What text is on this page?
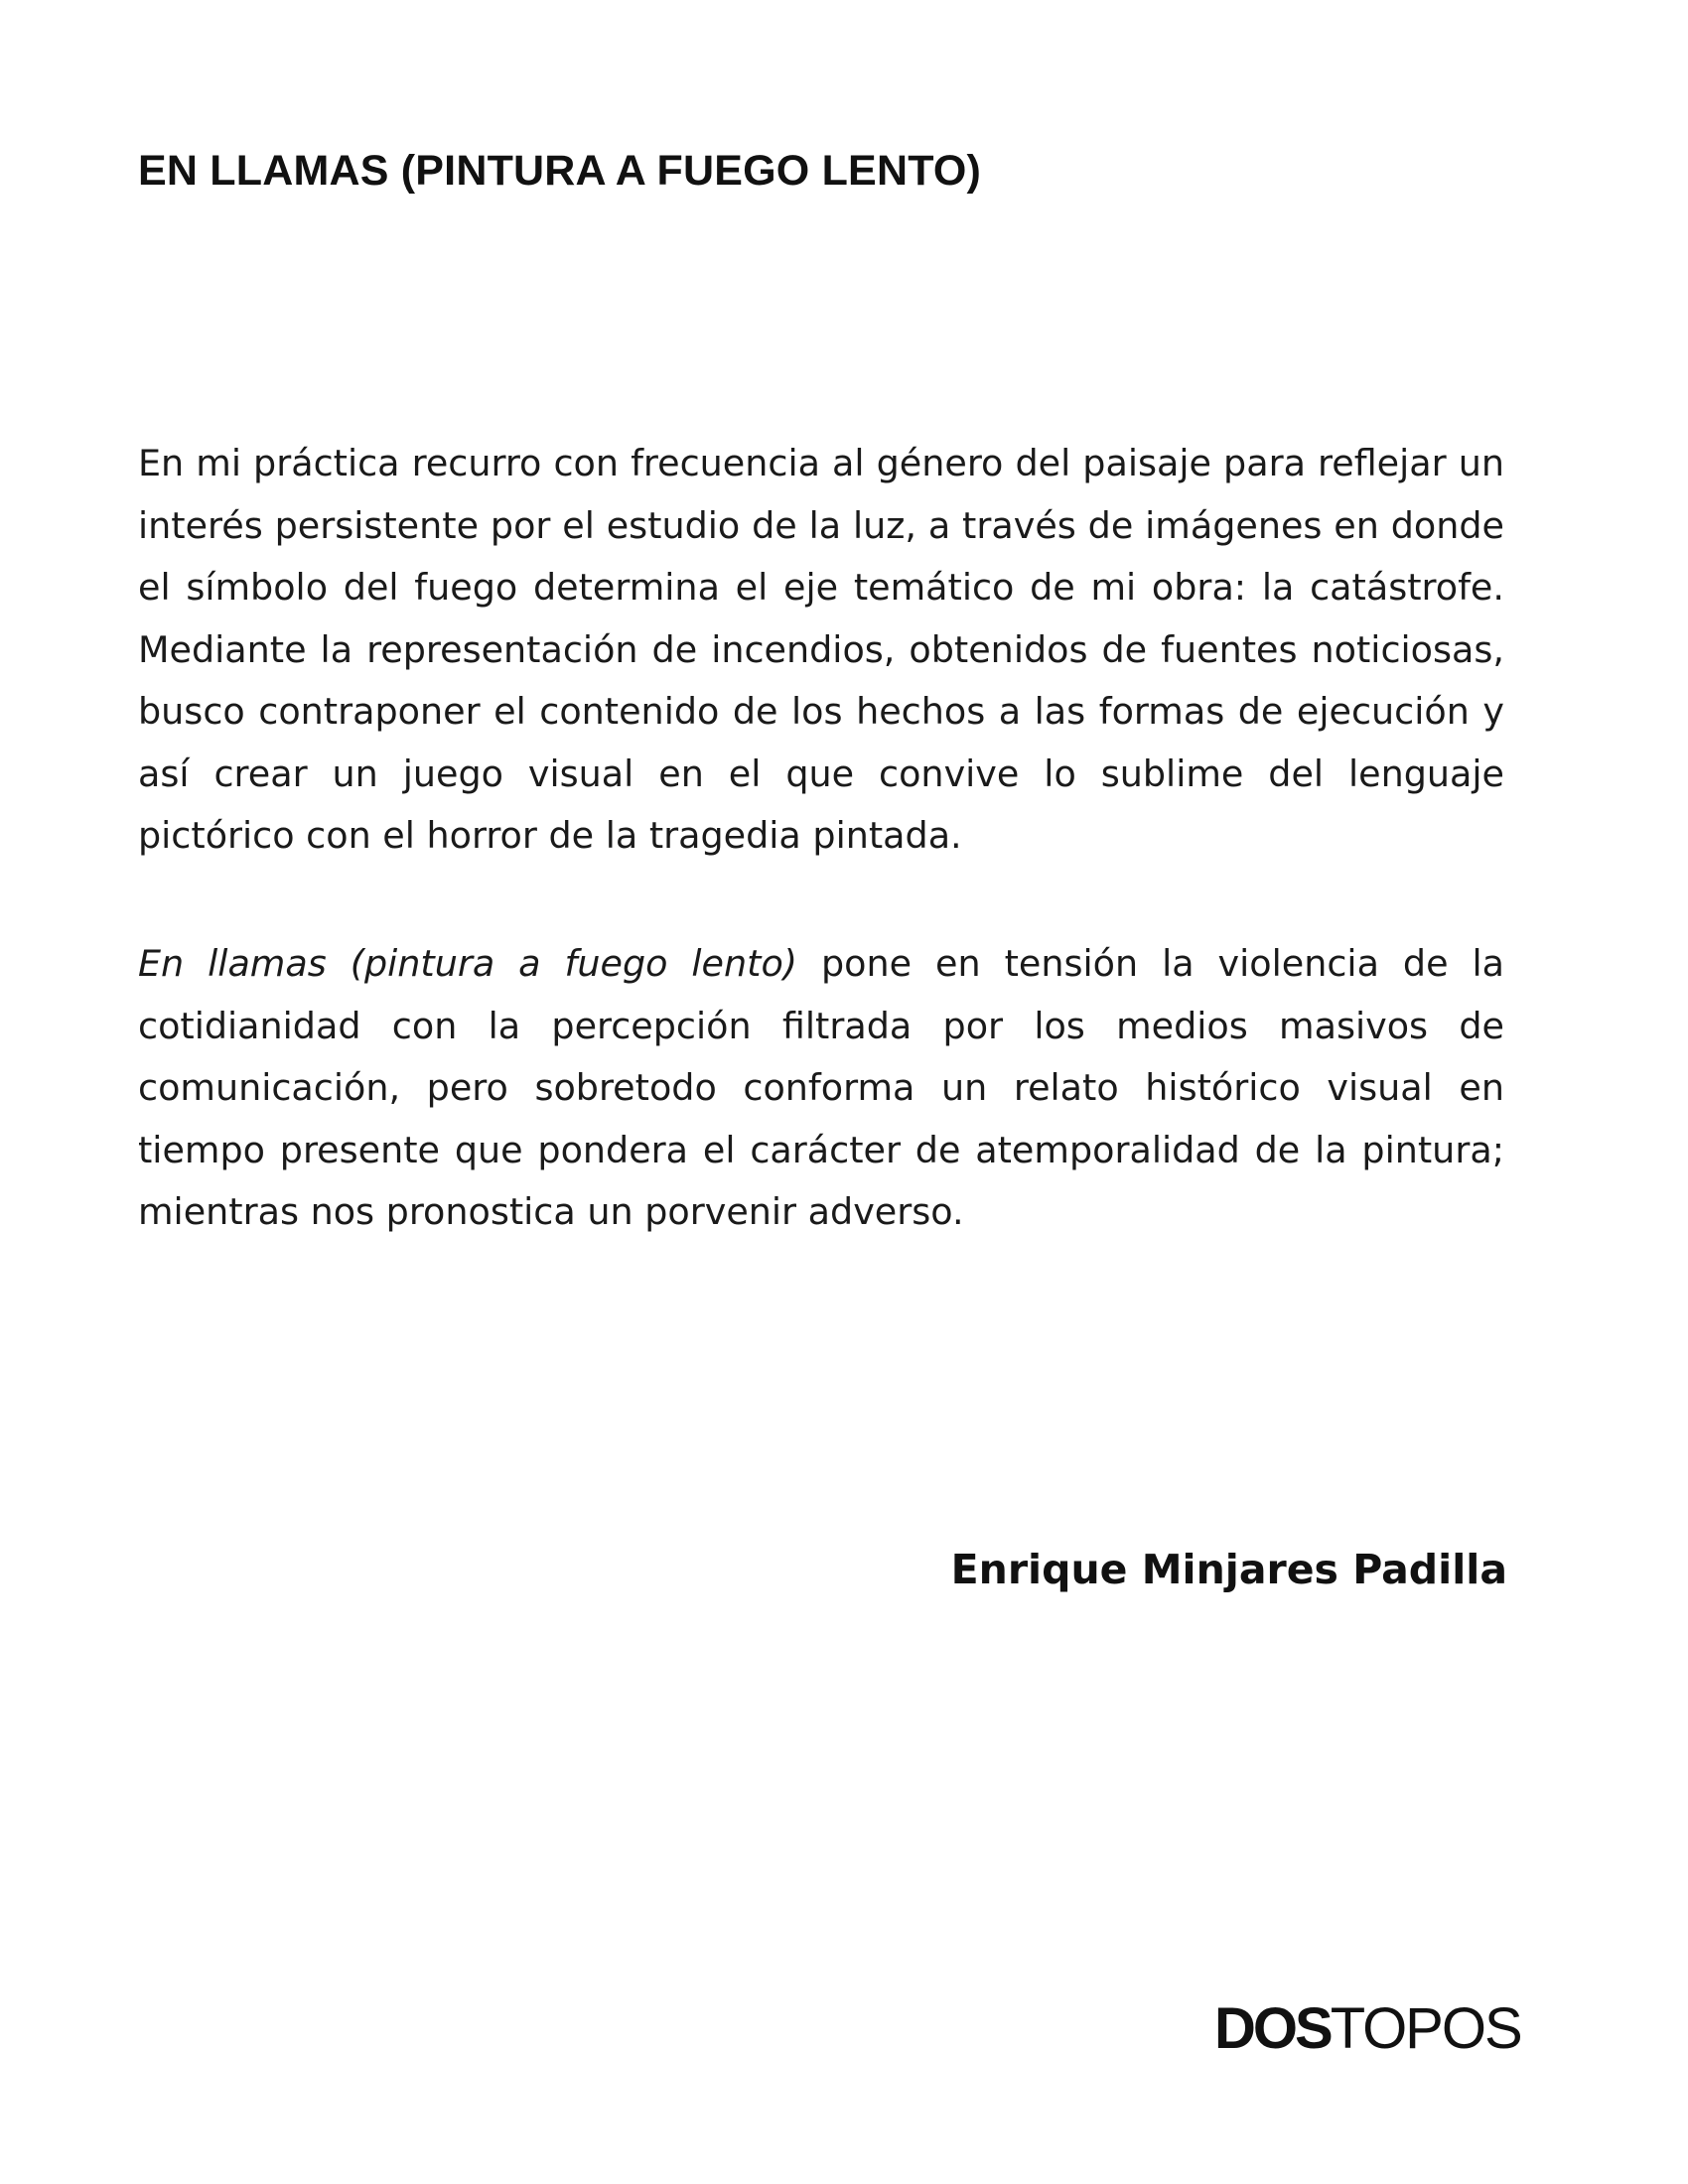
EN LLAMAS (PINTURA A FUEGO LENTO)

En mi práctica recurro con frecuencia al género del paisaje para reflejar un interés persistente por el estudio de la luz, a través de imágenes en donde el símbolo del fuego determina el eje temático de mi obra: la catástrofe. Mediante la representación de incendios, obtenidos de fuentes noticiosas, busco contraponer el contenido de los hechos a las formas de ejecución y así crear un juego visual en el que convive lo sublime del lenguaje pictórico con el horror de la tragedia pintada.

En llamas (pintura a fuego lento) pone en tensión la violencia de la cotidianidad con la percepción filtrada por los medios masivos de comunicación, pero sobretodo conforma un relato histórico visual en tiempo presente que pondera el carácter de atemporalidad de la pintura; mientras nos pronostica un porvenir adverso.

Enrique Minjares Padilla

DOSTOPOS
